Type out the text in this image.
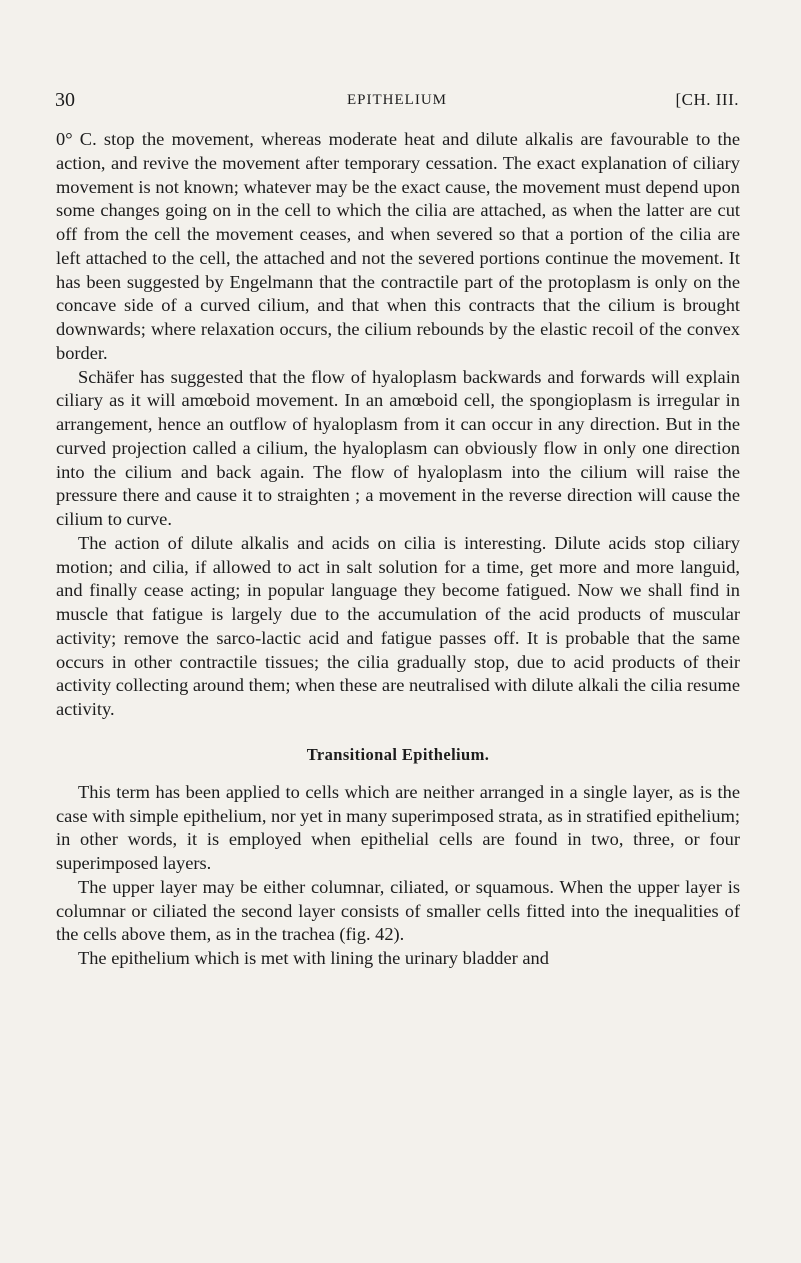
30	EPITHELIUM	[CH. III.

0° C. stop the movement, whereas moderate heat and dilute alkalis are favourable to the action, and revive the movement after temporary cessation. The exact explanation of ciliary movement is not known; whatever may be the exact cause, the movement must depend upon some changes going on in the cell to which the cilia are attached, as when the latter are cut off from the cell the movement ceases, and when severed so that a portion of the cilia are left attached to the cell, the attached and not the severed portions continue the movement. It has been suggested by Engelmann that the contractile part of the protoplasm is only on the concave side of a curved cilium, and that when this contracts that the cilium is brought downwards; where relaxation occurs, the cilium rebounds by the elastic recoil of the convex border.

Schäfer has suggested that the flow of hyaloplasm backwards and forwards will explain ciliary as it will amœboid movement. In an amœboid cell, the spongioplasm is irregular in arrangement, hence an outflow of hyaloplasm from it can occur in any direction. But in the curved projection called a cilium, the hyaloplasm can obviously flow in only one direction into the cilium and back again. The flow of hyaloplasm into the cilium will raise the pressure there and cause it to straighten ; a movement in the reverse direction will cause the cilium to curve.

The action of dilute alkalis and acids on cilia is interesting. Dilute acids stop ciliary motion; and cilia, if allowed to act in salt solution for a time, get more and more languid, and finally cease acting; in popular language they become fatigued. Now we shall find in muscle that fatigue is largely due to the accumulation of the acid products of muscular activity; remove the sarco-lactic acid and fatigue passes off. It is probable that the same occurs in other contractile tissues; the cilia gradually stop, due to acid products of their activity collecting around them; when these are neutralised with dilute alkali the cilia resume activity.

Transitional Epithelium.

This term has been applied to cells which are neither arranged in a single layer, as is the case with simple epithelium, nor yet in many superimposed strata, as in stratified epithelium; in other words, it is employed when epithelial cells are found in two, three, or four superimposed layers.

The upper layer may be either columnar, ciliated, or squamous. When the upper layer is columnar or ciliated the second layer consists of smaller cells fitted into the inequalities of the cells above them, as in the trachea (fig. 42).

The epithelium which is met with lining the urinary bladder and
